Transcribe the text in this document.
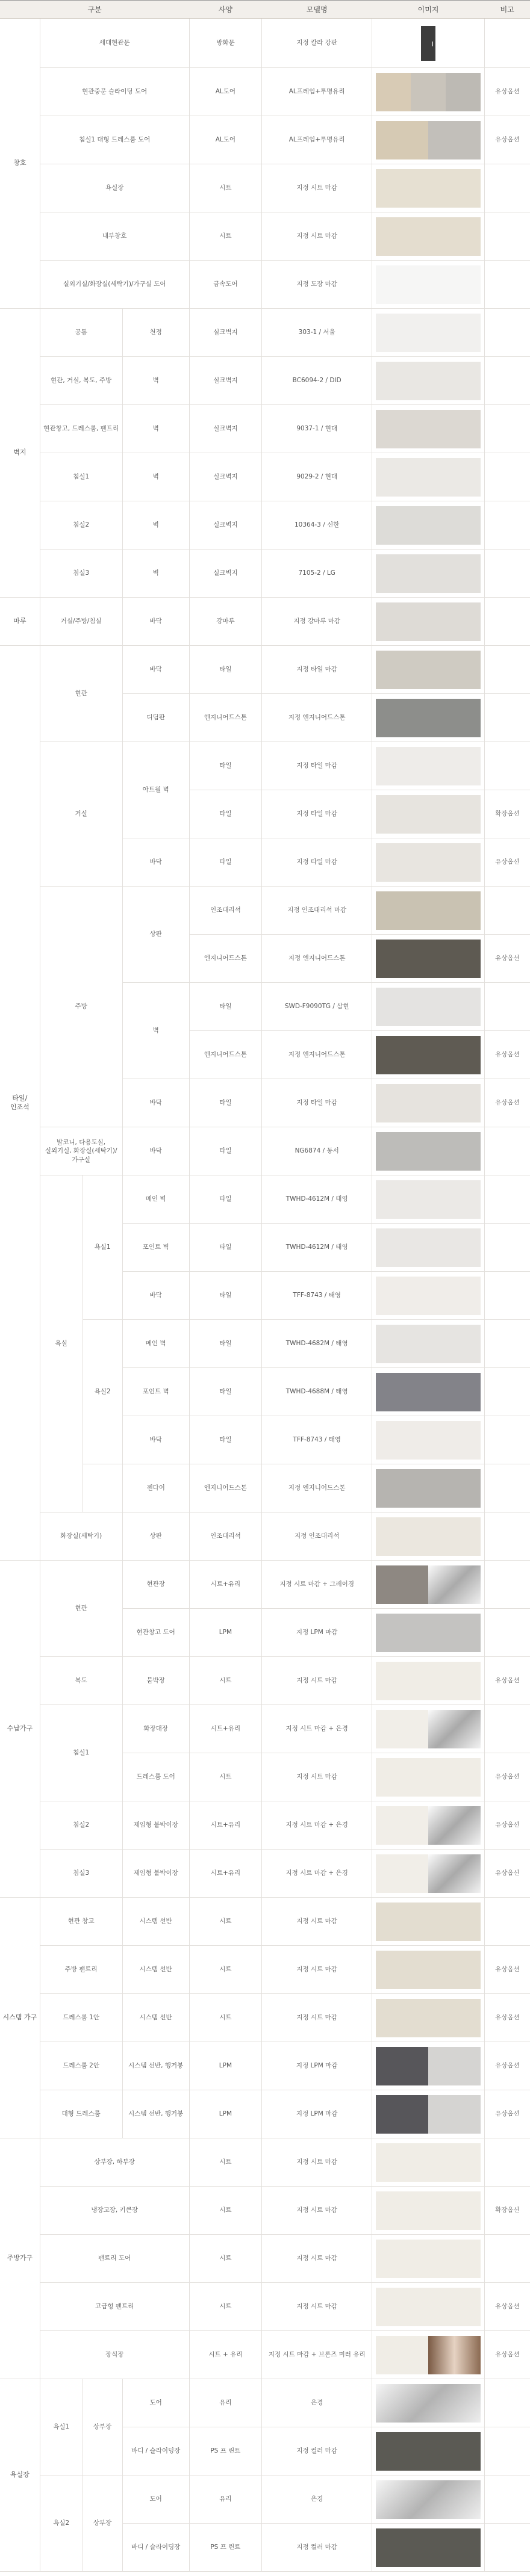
구분				사양	모델명	이미지	비고
창호	세대현관문			방화문	지정 칼라 강판		
	현관중문 슬라이딩 도어			AL도어	AL프레임+투명유리		유상옵션
	침실1 대형 드레스룸 도어			AL도어	AL프레임+투명유리		유상옵션
	욕실장			시트	지정 시트 마감	

	내부창호			시트	지정 시트 마감	

	실외기실/화장실(세탁기)/가구실 도어			금속도어	지정 도장 마감	

벽지	공통		천정	실크벽지	303-1 / 서울	

	현관, 거실, 복도, 주방		벽	실크벽지	BC6094-2 / DID	

	현관창고, 드레스룸, 팬트리		벽	실크벽지	9037-1 / 현대	

	침실1		벽	실크벽지	9029-2 / 현대	

	침실2		벽	실크벽지	10364-3 / 신한	

	침실3		벽	실크벽지	7105-2 / LG	

마루	거실/주방/침실		바닥	강마루	지정 강마루 마감	

타일/ 인조석	현관		바닥	타일	지정 타일 마감	

			디딤판	엔지니어드스톤	지정 엔지니어드스톤	

	거실		아트월 벽	타일	지정 타일 마감	

				타일	지정 타일 마감		확장옵션
			바닥	타일	지정 타일 마감		유상옵션
	주방		상판	인조대리석	지정 인조대리석 마감	

				엔지니어드스톤	지정 엔지니어드스톤		유상옵션
			벽	타일	SWD-F9090TG / 삼현	

				엔지니어드스톤	지정 엔지니어드스톤		유상옵션
			바닥	타일	지정 타일 마감		유상옵션
	발코니, 다용도실, 실외기실, 화장실(세탁기)/가구실		바닥	타일	NG6874 / 동서	

	욕실	욕실1	메인 벽	타일	TWHD-4612M / 태영	

			포인트 벽	타일	TWHD-4612M / 태영	

			바닥	타일	TFF-8743 / 태영	

		욕실2	메인 벽	타일	TWHD-4682M / 태영	

			포인트 벽	타일	TWHD-4688M / 태영	

			바닥	타일	TFF-8743 / 태영	

			젠다이	엔지니어드스톤	지정 엔지니어드스톤	

	화장실(세탁기)		상판	인조대리석	지정 인조대리석	

수납가구	현관		현관장	시트+유리	지정 시트 마감 + 그레이경	

			현관창고 도어	LPM	지정 LPM 마감	

	복도		붙박장	시트	지정 시트 마감		유상옵션
	침실1		화장대장	시트+유리	지정 시트 마감 + 은경	

			드레스룸 도어	시트	지정 시트 마감		유상옵션
	침실2		제임형 붙박이장	시트+유리	지정 시트 마감 + 은경		유상옵션
	침실3		제임형 붙박이장	시트+유리	지정 시트 마감 + 은경		유상옵션
시스템 가구	현관 창고		시스템 선반	시트	지정 시트 마감	

	주방 팬트리		시스템 선반	시트	지정 시트 마감		유상옵션
	드레스룸 1안		시스템 선반	시트	지정 시트 마감		유상옵션
	드레스룸 2안		시스템 선반, 행거봉	LPM	지정 LPM 마감		유상옵션
	대형 드레스룸		시스템 선반, 행거봉	LPM	지정 LPM 마감		유상옵션
주방가구	상부장, 하부장			시트	지정 시트 마감	

	냉장고장, 키큰장			시트	지정 시트 마감		확장옵션
	팬트리 도어			시트	지정 시트 마감	

	고급형 팬트리			시트	지정 시트 마감		유상옵션
	장식장			시트 + 유리	지정 시트 마감 + 브론즈 미러 유리		유상옵션
욕실장	욕실1	상부장	도어	유리	은경	

			바디 / 슬라이딩장	PS 프 린트	지정 컬러 마감	

	욕실2	상부장	도어	유리	은경	

			바디 / 슬라이딩장	PS 프 린트	지정 컬러 마감	
